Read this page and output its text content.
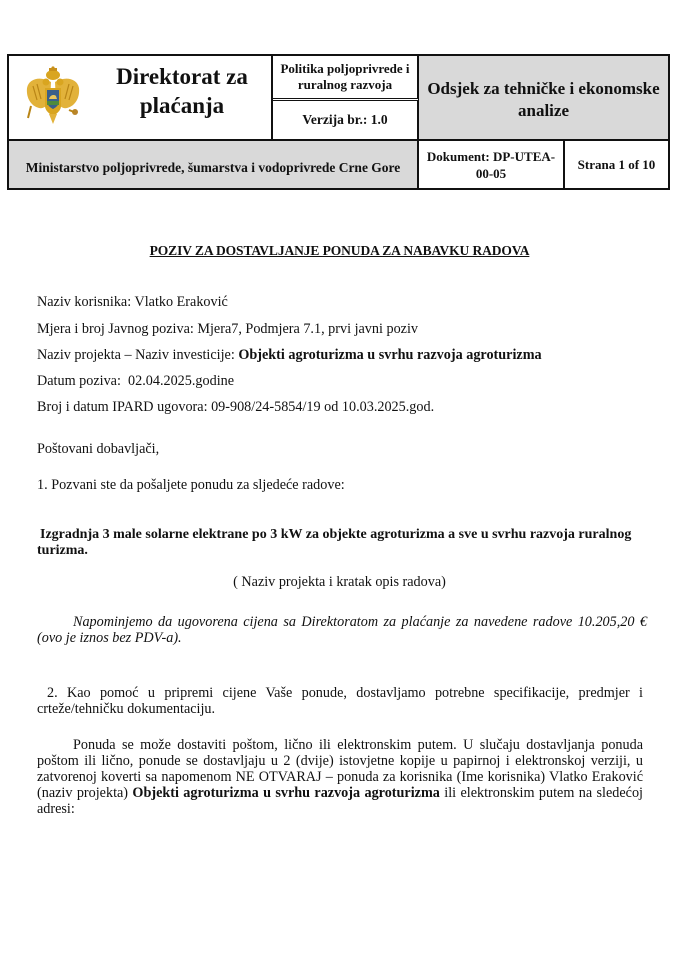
Direktorat za plaćanja
Politika poljoprivrede i ruralnog razvoja
Verzija br.: 1.0
Odsjek za tehničke i ekonomske analize
Ministarstvo poljoprivrede, šumarstva i vodoprivrede Crne Gore
Dokument: DP-UTEA-00-05
Strana 1 of 10
POZIV ZA DOSTAVLJANJE PONUDA ZA NABAVKU RADOVA
Naziv korisnika: Vlatko Eraković
Mjera i broj Javnog poziva: Mjera7, Podmjera 7.1, prvi javni poziv
Naziv projekta – Naziv investicije: Objekti agroturizma u svrhu razvoja agroturizma
Datum poziva: 02.04.2025.godine
Broj i datum IPARD ugovora: 09-908/24-5854/19 od 10.03.2025.god.
Poštovani dobavljači,
1. Pozvani ste da pošaljete ponudu za sljedeće radove:
Izgradnja 3 male solarne elektrane po 3 kW za objekte agroturizma a sve u svrhu razvoja ruralnog turizma.
( Naziv projekta i kratak opis radova)
Napominjemo da ugovorena cijena sa Direktoratom za plaćanje za navedene radove 10.205,20 € (ovo je iznos bez PDV-a).
2. Kao pomoć u pripremi cijene Vaše ponude, dostavljamo potrebne specifikacije, predmjer i crteže/tehničku dokumentaciju.
Ponuda se može dostaviti poštom, lično ili elektronskim putem. U slučaju dostavljanja ponuda poštom ili lično, ponude se dostavljaju u 2 (dvije) istovjetne kopije u papirnoj i elektronskoj verziji, u zatvorenoj koverti sa napomenom NE OTVARAJ – ponuda za korisnika (Ime korisnika) Vlatko Eraković (naziv projekta) Objekti agroturizma u svrhu razvoja agroturizma ili elektronskim putem na sledećoj adresi:
